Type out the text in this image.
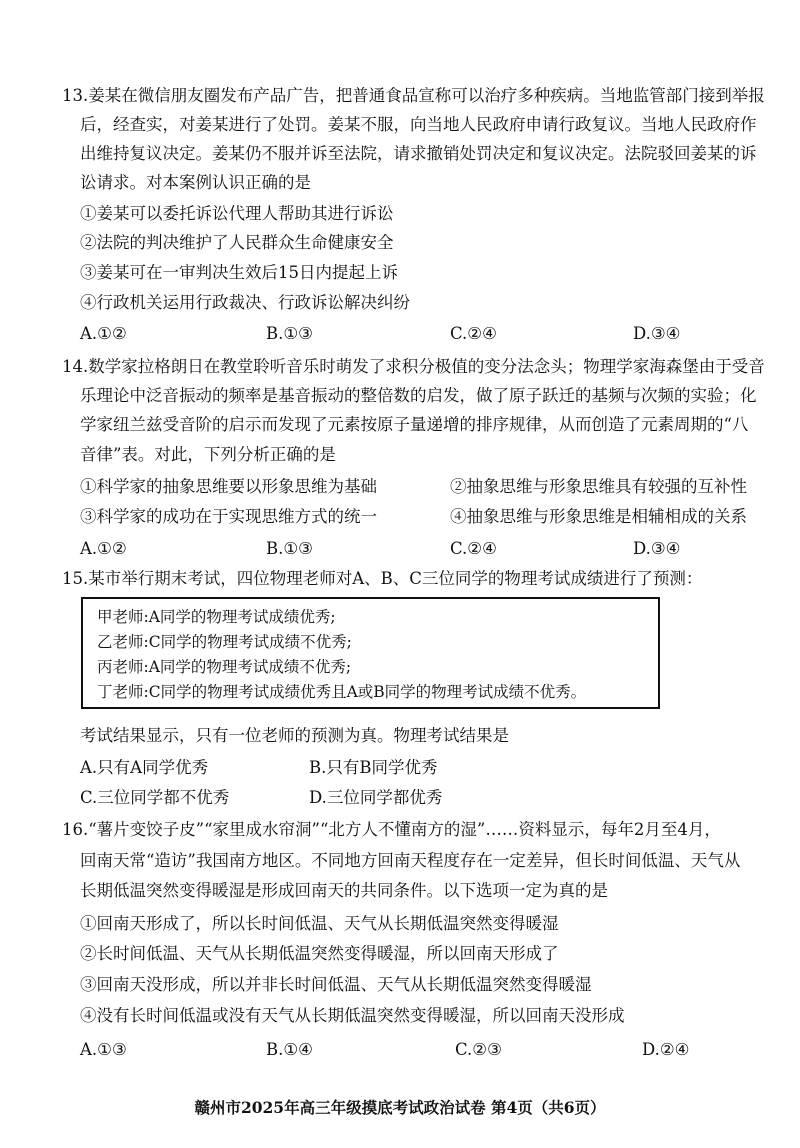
13.姜某在微信朋友圈发布产品广告，把普通食品宣称可以治疗多种疾病。当地监管部门接到举报
后，经查实，对姜某进行了处罚。姜某不服，向当地人民政府申请行政复议。当地人民政府作
出维持复议决定。姜某仍不服并诉至法院，请求撤销处罚决定和复议决定。法院驳回姜某的诉
讼请求。对本案例认识正确的是
①姜某可以委托诉讼代理人帮助其进行诉讼
②法院的判决维护了人民群众生命健康安全
③姜某可在一审判决生效后15日内提起上诉
④行政机关运用行政裁决、行政诉讼解决纠纷
A.①②	B.①③	C.②④	D.③④
14.数学家拉格朗日在教堂聆听音乐时萌发了求积分极值的变分法念头；物理学家海森堡由于受音
乐理论中泛音振动的频率是基音振动的整倍数的启发，做了原子跃迁的基频与次频的实验；化
学家纽兰兹受音阶的启示而发现了元素按原子量递增的排序规律，从而创造了元素周期的“八
音律”表。对此，下列分析正确的是
①科学家的抽象思维要以形象思维为基础	②抽象思维与形象思维具有较强的互补性
③科学家的成功在于实现思维方式的统一	④抽象思维与形象思维是相辅相成的关系
A.①②	B.①③	C.②④	D.③④
15.某市举行期末考试，四位物理老师对A、B、C三位同学的物理考试成绩进行了预测：
甲老师:A同学的物理考试成绩优秀;
乙老师:C同学的物理考试成绩不优秀;
丙老师:A同学的物理考试成绩不优秀;
丁老师:C同学的物理考试成绩优秀且A或B同学的物理考试成绩不优秀。
考试结果显示，只有一位老师的预测为真。物理考试结果是
A.只有A同学优秀	B.只有B同学优秀
C.三位同学都不优秀	D.三位同学都优秀
16.“薯片变饺子皮”“家里成水帘洞”“北方人不懂南方的湿”……资料显示，每年2月至4月，
回南天常“造访”我国南方地区。不同地方回南天程度存在一定差异，但长时间低温、天气从
长期低温突然变得暖湿是形成回南天的共同条件。以下选项一定为真的是
①回南天形成了，所以长时间低温、天气从长期低温突然变得暖湿
②长时间低温、天气从长期低温突然变得暖湿，所以回南天形成了
③回南天没形成，所以并非长时间低温、天气从长期低温突然变得暖湿
④没有长时间低温或没有天气从长期低温突然变得暖湿，所以回南天没形成
A.①③	B.①④	C.②③	D.②④
赣州市2025年高三年级摸底考试政治试卷 第4页（共6页）
